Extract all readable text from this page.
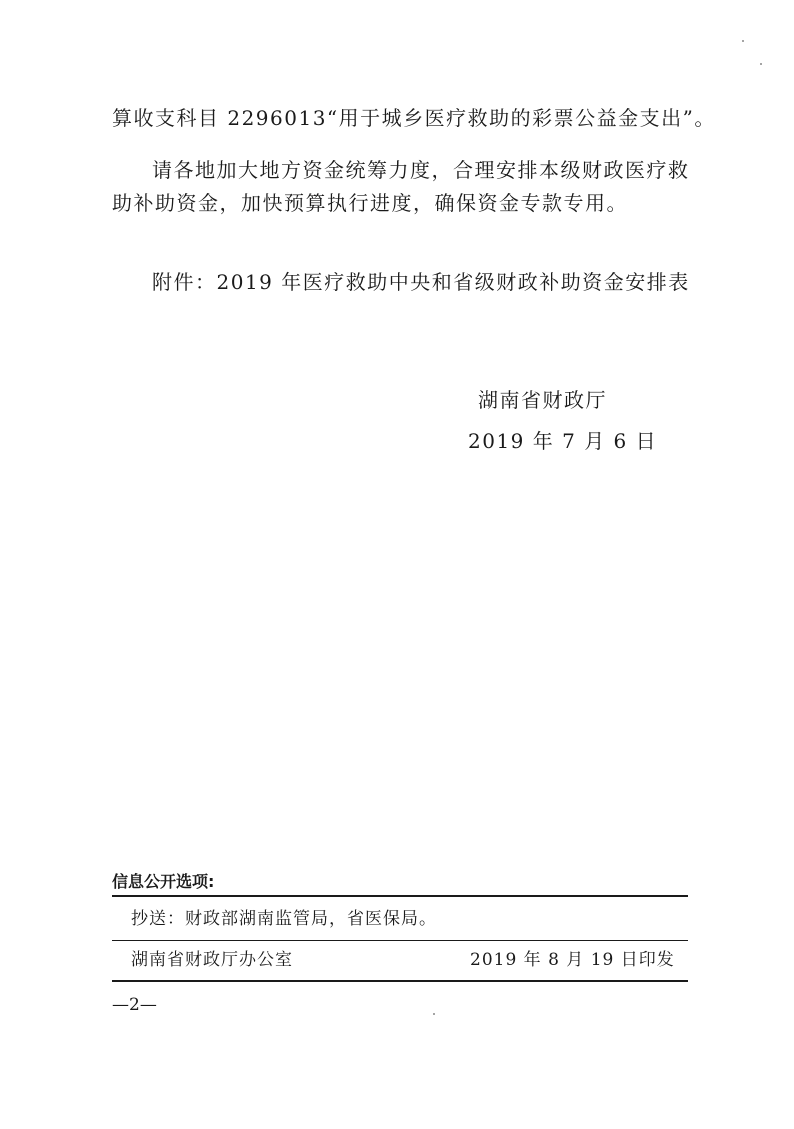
算收支科目 2296013“用于城乡医疗救助的彩票公益金支出”。
请各地加大地方资金统筹力度，合理安排本级财政医疗救
助补助资金，加快预算执行进度，确保资金专款专用。
附件：2019 年医疗救助中央和省级财政补助资金安排表
湖南省财政厅
2019 年 7 月 6 日
信息公开选项:
抄送：财政部湖南监管局，省医保局。
湖南省财政厅办公室	2019 年 8 月 19 日印发
—2—
